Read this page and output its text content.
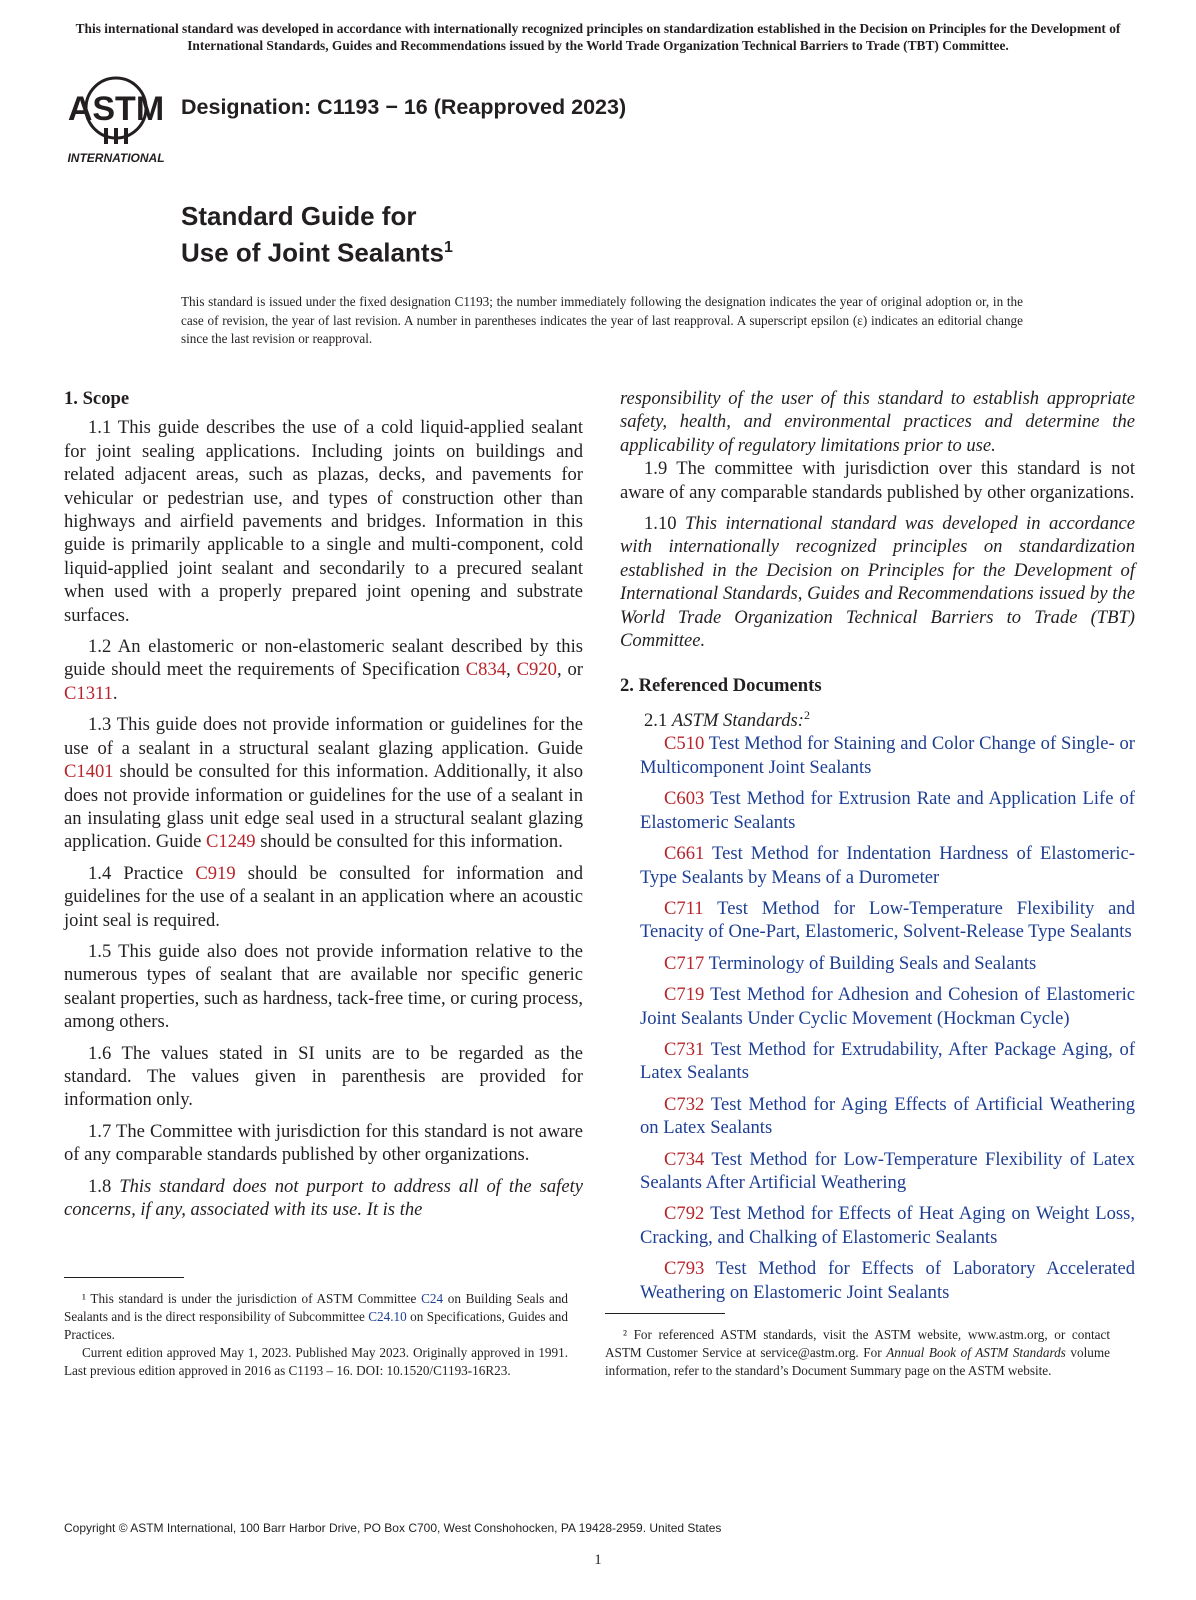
This international standard was developed in accordance with internationally recognized principles on standardization established in the Decision on Principles for the Development of International Standards, Guides and Recommendations issued by the World Trade Organization Technical Barriers to Trade (TBT) Committee.
ASTM
INTERNATIONAL
Designation: C1193 − 16 (Reapproved 2023)
Standard Guide for
Use of Joint Sealants$^1$
This standard is issued under the fixed designation C1193; the number immediately following the designation indicates the year of original adoption or, in the case of revision, the year of last revision. A number in parentheses indicates the year of last reapproval. A superscript epsilon (ε) indicates an editorial change since the last revision or reapproval.
1. Scope

1.1 This guide describes the use of a cold liquid-applied sealant for joint sealing applications. Including joints on buildings and related adjacent areas, such as plazas, decks, and pavements for vehicular or pedestrian use, and types of construction other than highways and airfield pavements and bridges. Information in this guide is primarily applicable to a single and multi-component, cold liquid-applied joint sealant and secondarily to a precured sealant when used with a properly prepared joint opening and substrate surfaces.

1.2 An elastomeric or non-elastomeric sealant described by this guide should meet the requirements of Specification C834, C920, or C1311.

1.3 This guide does not provide information or guidelines for the use of a sealant in a structural sealant glazing application. Guide C1401 should be consulted for this information. Additionally, it also does not provide information or guidelines for the use of a sealant in an insulating glass unit edge seal used in a structural sealant glazing application. Guide C1249 should be consulted for this information.

1.4 Practice C919 should be consulted for information and guidelines for the use of a sealant in an application where an acoustic joint seal is required.

1.5 This guide also does not provide information relative to the numerous types of sealant that are available nor specific generic sealant properties, such as hardness, tack-free time, or curing process, among others.

1.6 The values stated in SI units are to be regarded as the standard. The values given in parenthesis are provided for information only.

1.7 The Committee with jurisdiction for this standard is not aware of any comparable standards published by other organizations.

1.8 This standard does not purport to address all of the safety concerns, if any, associated with its use. It is the

responsibility of the user of this standard to establish appropriate safety, health, and environmental practices and determine the applicability of regulatory limitations prior to use.

1.9 The committee with jurisdiction over this standard is not aware of any comparable standards published by other organizations.

1.10 This international standard was developed in accordance with internationally recognized principles on standardization established in the Decision on Principles for the Development of International Standards, Guides and Recommendations issued by the World Trade Organization Technical Barriers to Trade (TBT) Committee.

2. Referenced Documents

2.1 ASTM Standards:$^2$

C510 Test Method for Staining and Color Change of Single- or Multicomponent Joint Sealants

C603 Test Method for Extrusion Rate and Application Life of Elastomeric Sealants

C661 Test Method for Indentation Hardness of Elastomeric-Type Sealants by Means of a Durometer

C711 Test Method for Low-Temperature Flexibility and Tenacity of One-Part, Elastomeric, Solvent-Release Type Sealants

C717 Terminology of Building Seals and Sealants

C719 Test Method for Adhesion and Cohesion of Elastomeric Joint Sealants Under Cyclic Movement (Hockman Cycle)

C731 Test Method for Extrudability, After Package Aging, of Latex Sealants

C732 Test Method for Aging Effects of Artificial Weathering on Latex Sealants

C734 Test Method for Low-Temperature Flexibility of Latex Sealants After Artificial Weathering

C792 Test Method for Effects of Heat Aging on Weight Loss, Cracking, and Chalking of Elastomeric Sealants

C793 Test Method for Effects of Laboratory Accelerated Weathering on Elastomeric Joint Sealants

¹ This standard is under the jurisdiction of ASTM Committee C24 on Building Seals and Sealants and is the direct responsibility of Subcommittee C24.10 on Specifications, Guides and Practices.

Current edition approved May 1, 2023. Published May 2023. Originally approved in 1991. Last previous edition approved in 2016 as C1193 – 16. DOI: 10.1520/C1193-16R23.

² For referenced ASTM standards, visit the ASTM website, www.astm.org, or contact ASTM Customer Service at service@astm.org. For Annual Book of ASTM Standards volume information, refer to the standard’s Document Summary page on the ASTM website.

Copyright © ASTM International, 100 Barr Harbor Drive, PO Box C700, West Conshohocken, PA 19428-2959. United States
1
